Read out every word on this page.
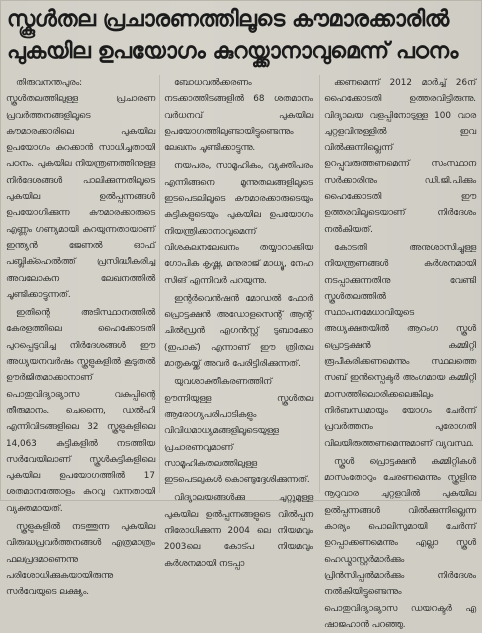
സ്കൂൾതല പ്രചാരണത്തിലൂടെ കൗമാരക്കാരിൽ
പുകയില ഉപയോഗം കുറയ്ക്കാനാവുമെന്ന് പഠനം

തിരുവനന്തപുരം: സ്കൂൾതലത്തിലുള്ള പ്രചാരണ പ്രവർത്തനങ്ങളിലൂടെ കൗമാരക്കാരിലെ പുകയില ഉപയോഗം കുറക്കാൻ സാധിച്ചതായി പഠനം. പുകയില നിയന്ത്രണത്തിനുള്ള നിർദേശങ്ങൾ പാലിക്കുന്നതിലൂടെ പുകയില ഉൽപ്പന്നങ്ങൾ ഉപയോഗിക്കുന്ന കൗമാരക്കാരുടെ എണ്ണം ഗണ്യമായി കുറയുന്നതായാണ് ഇന്ത്യൻ ജേണൽ ഓഫ് പബ്ലിക്ഹെൽത്ത് പ്രസിദ്ധീകരിച്ച അവലോകന ലേഖനത്തിൽ ചൂണ്ടിക്കാട്ടുന്നത്.

ഇതിന്റെ അടിസ്ഥാനത്തിൽ കേരളത്തിലെ ഹൈക്കോടതി പുറപ്പെടുവിച്ച നിർദേശങ്ങൾ ഈ അധ്യയനവർഷം സ്കൂളുകളിൽ കൂടുതൽ ഊർജിതമാക്കാനാണ് പൊതുവിദ്യാഭ്യാസ വകുപ്പിന്റെ തീരുമാനം. ചെന്നൈ, ഡൽഹി എന്നിവിടങ്ങളിലെ 32 സ്കൂളുകളിലെ 14,063 കുട്ടികളിൽ നടത്തിയ സർവേയിലാണ് സ്കൂൾകുട്ടികളിലെ പുകയില ഉപയോഗത്തിൽ 17 ശതമാനത്തോളം കുറവു വന്നതായി വ്യക്തമായത്.

സ്കൂളുകളിൽ നടത്തുന്ന പുകയില വിരുദ്ധപ്രവർത്തനങ്ങൾ എത്രമാത്രം ഫലപ്രദമാണെന്നു പരിശോധിക്കുകയായിരുന്നു സർവേയുടെ ലക്ഷ്യം.

ബോധവൽക്കരണം നടക്കാത്തിടങ്ങളിൽ 68 ശതമാനം വർധനവ് പുകയില ഉപയോഗത്തിലുണ്ടായിട്ടുണ്ടെന്നും ലേഖനം ചൂണ്ടിക്കാട്ടുന്നു.

നയപരം, സാമൂഹികം, വ്യക്തിപരം എന്നിങ്ങനെ മൂന്നുതലങ്ങളിലൂടെ ഇടപെടലിലൂടെ കൗമാരക്കാരുടെയും കുട്ടികളുടെയും പുകയില ഉപയോഗം നിയന്ത്രിക്കാനാവുമെന്ന് വിശകലനലേഖനം തയ്യാറാക്കിയ ഗോപിക കൃഷ്ണ, മനുരാജ് മാധ്യൂ, നേഹ സിങ് എന്നിവർ പറയുന്നു.

ഇന്റർവെൻഷൻ മോഡൽ ഫോർ പ്രൊട്ടക്ഷൻ അഡോളസെന്റ് ആന്റ് ചിൽഡ്രൻ എഗൻസ്റ്റ് ടുബാക്കോ (ഇപാക്) എന്നാണ് ഈ ത്രിതല മാതൃകയ്ക്ക് അവർ പേരിട്ടിരിക്കുന്നത്.

യുവശാക്തീകരണത്തിന് ഊന്നിയുള്ള സ്കൂൾതല ആരോഗ്യപരിപാടികളും വിവിധമാധ്യമങ്ങളിലൂടെയുള്ള പ്രചാരണവുമാണ് സാമൂഹികതലത്തിലുള്ള ഇടപെടലുകൾ കൊണ്ടുദ്ദേശിക്കുന്നത്.

വിദ്യാലയങ്ങൾക്കു ചുറ്റുമുള്ള പുകയില ഉൽപ്പന്നങ്ങളുടെ വിൽപ്പന നിരോധിക്കുന്ന 2004 ലെ നിയമവും 2003ലെ കോട്പ നിയമവും കർശനമായി നടപ്പാ

ക്കണമെന്ന് 2012 മാർച്ച് 26ന് ഹൈക്കോടതി ഉത്തരവിട്ടിരുന്നു. വിദ്യാലയ വളപ്പിനോടുള്ള 100 വാര ചുറ്റളവിനുള്ളിൽ ഇവ വിൽക്കുന്നില്ലെന്ന് ഉറപ്പുവരുത്തണമെന്ന് സംസ്ഥാന സർക്കാരിനും ഡി.ജി.പിക്കും ഹൈക്കോടതി ഈ ഉത്തരവിലൂടെയാണ് നിർദേശം നൽകിയത്.

കോടതി അനുശാസിച്ചുള്ള നിയന്ത്രണങ്ങൾ കർശനമായി നടപ്പാക്കുന്നതിനു വേണ്ടി സ്കൂൾതലത്തിൽ സ്ഥാപനമേധാവിയുടെ അധ്യക്ഷതയിൽ ആറംഗ സ്കൂൾ പ്രൊട്ടക്ഷൻ കമ്മിറ്റി രൂപീകരിക്കണമെന്നും സ്ഥലത്തെ സബ് ഇൻസ്പെക്ടർ അംഗമായ കമ്മിറ്റി മാസത്തിലൊരിക്കലെങ്കിലും നിർബന്ധമായും യോഗം ചേർന്ന് പ്രവർത്തനം പുരോഗതി വിലയിരുത്തണമെന്നുമാണ് വ്യവസ്ഥ.

സ്കൂൾ പ്രൊട്ടക്ഷൻ കമ്മിറ്റികൾ മാസംതോറും ചേരണമെന്നും സ്കൂളിനു നൂറുവാര ചുറ്റളവിൽ പുകയില ഉൽപ്പന്നങ്ങൾ വിൽക്കുന്നില്ലെന്ന കാര്യം പൊലിസുമായി ചേർന്ന് ഉറപ്പാക്കണമെന്നും എല്ലാ സ്കൂൾ ഹെഡ്മാസ്റ്റർമാർക്കും പ്രിൻസിപ്പൽമാർക്കും നിർദേശം നൽകിയിട്ടുണ്ടെന്നും പൊതുവിദ്യാഭ്യാസ ഡയറക്ടർ എ ഷാജഹാൻ പറഞ്ഞു.
